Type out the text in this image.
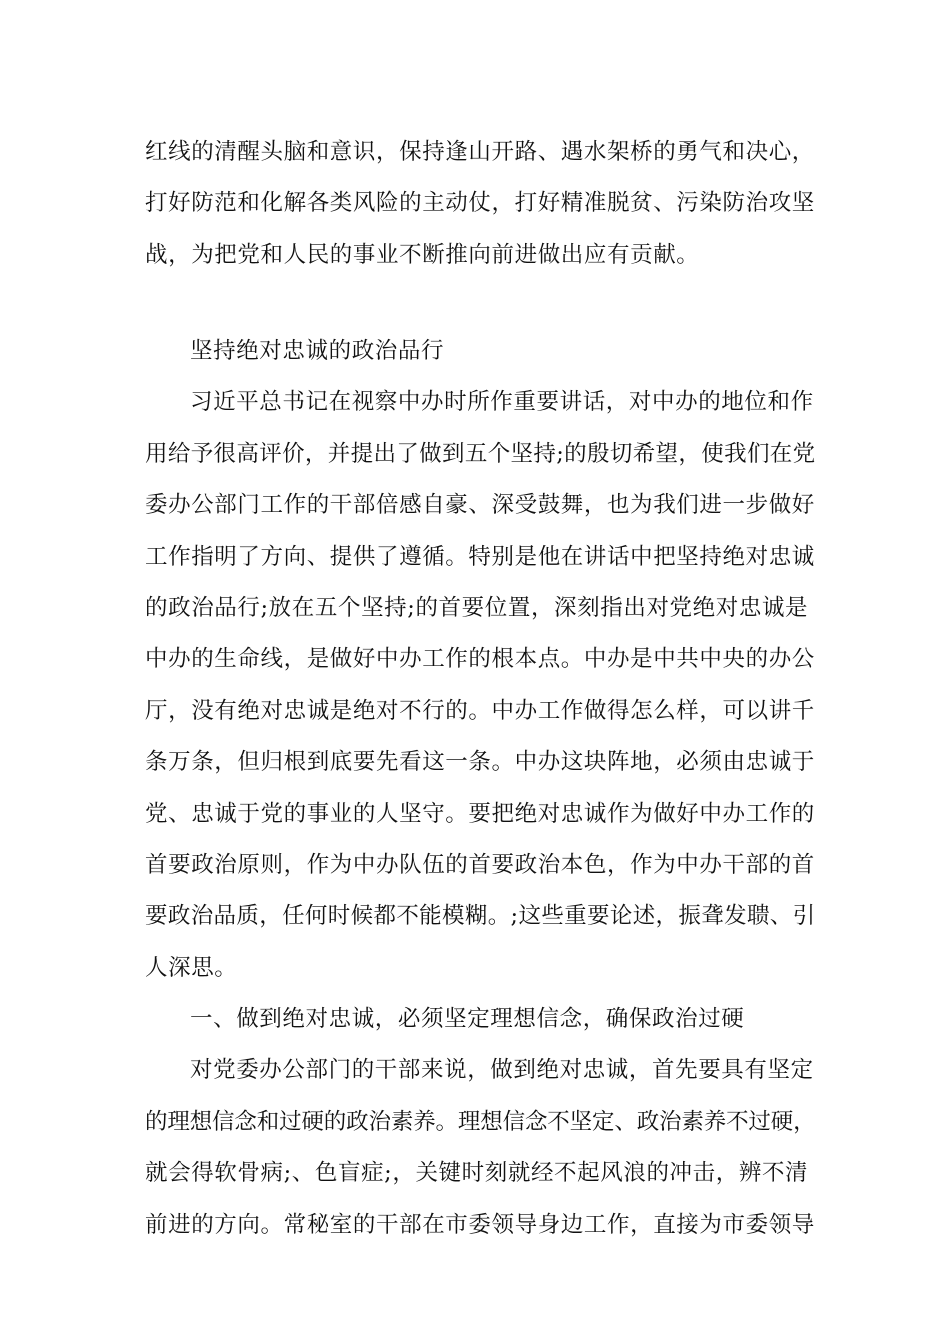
红线的清醒头脑和意识，保持逢山开路、遇水架桥的勇气和决心，
打好防范和化解各类风险的主动仗，打好精准脱贫、污染防治攻坚
战，为把党和人民的事业不断推向前进做出应有贡献。
坚持绝对忠诚的政治品行
习近平总书记在视察中办时所作重要讲话，对中办的地位和作
用给予很高评价，并提出了做到五个坚持;的殷切希望，使我们在党
委办公部门工作的干部倍感自豪、深受鼓舞，也为我们进一步做好
工作指明了方向、提供了遵循。特别是他在讲话中把坚持绝对忠诚
的政治品行;放在五个坚持;的首要位置，深刻指出对党绝对忠诚是
中办的生命线，是做好中办工作的根本点。中办是中共中央的办公
厅，没有绝对忠诚是绝对不行的。中办工作做得怎么样，可以讲千
条万条，但归根到底要先看这一条。中办这块阵地，必须由忠诚于
党、忠诚于党的事业的人坚守。要把绝对忠诚作为做好中办工作的
首要政治原则，作为中办队伍的首要政治本色，作为中办干部的首
要政治品质，任何时候都不能模糊。;这些重要论述，振聋发聩、引
人深思。
一、做到绝对忠诚，必须坚定理想信念，确保政治过硬
对党委办公部门的干部来说，做到绝对忠诚，首先要具有坚定
的理想信念和过硬的政治素养。理想信念不坚定、政治素养不过硬，
就会得软骨病;、色盲症;，关键时刻就经不起风浪的冲击，辨不清
前进的方向。常秘室的干部在市委领导身边工作，直接为市委领导
